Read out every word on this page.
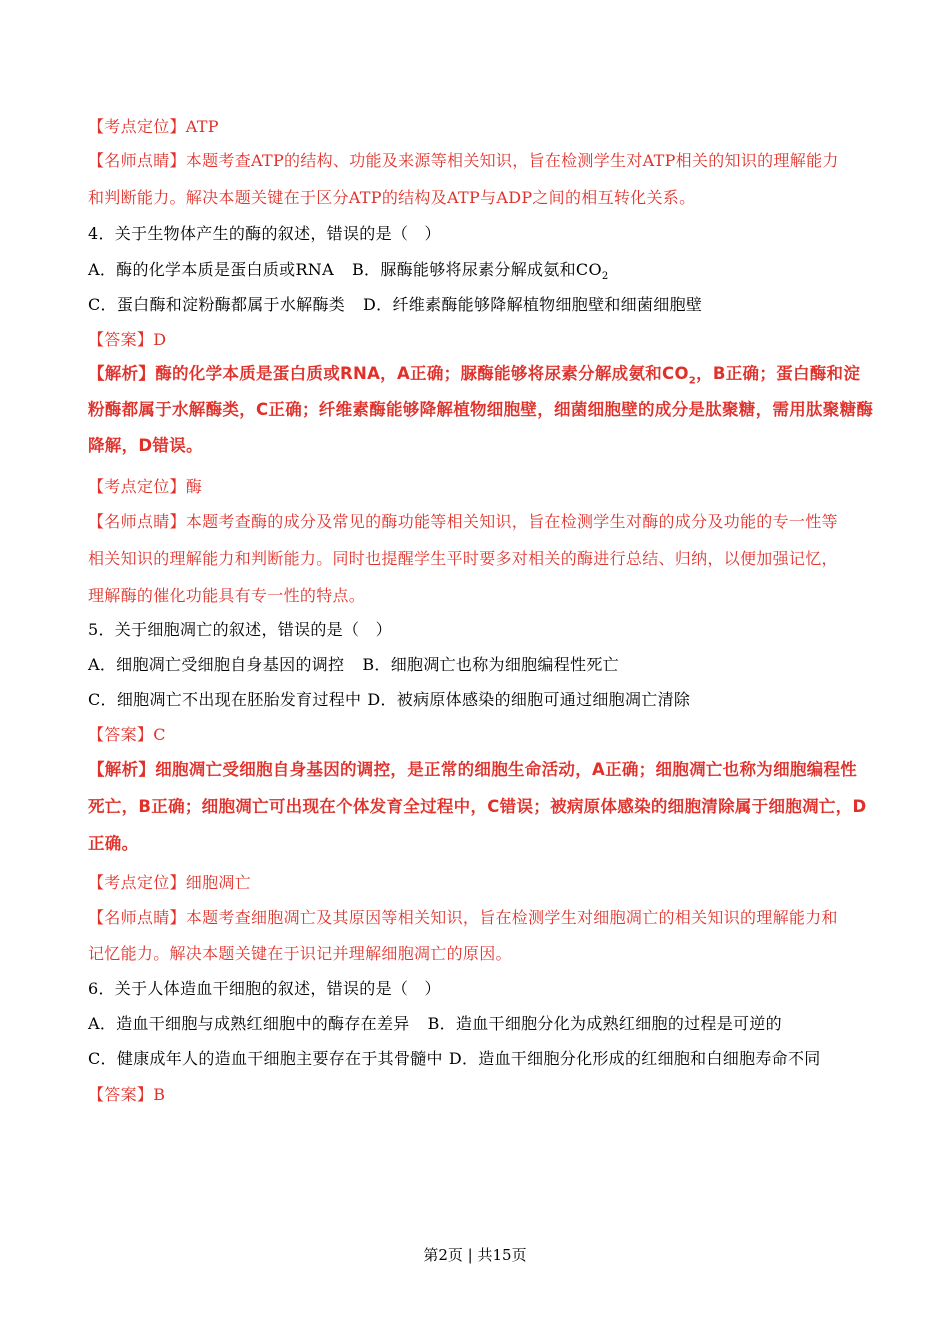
【考点定位】ATP
【名师点睛】本题考查ATP的结构、功能及来源等相关知识，旨在检测学生对ATP相关的知识的理解能力
和判断能力。解决本题关键在于区分ATP的结构及ATP与ADP之间的相互转化关系。
4．关于生物体产生的酶的叙述，错误的是（　）
A．酶的化学本质是蛋白质或RNA B．脲酶能够将尿素分解成氨和$CO_2$
C．蛋白酶和淀粉酶都属于水解酶类 D．纤维素酶能够降解植物细胞壁和细菌细胞壁
【答案】D
【解析】酶的化学本质是蛋白质或RNA，A正确；脲酶能够将尿素分解成氨和$CO_2$，B正确；蛋白酶和淀
粉酶都属于水解酶类，C正确；纤维素酶能够降解植物细胞壁，细菌细胞壁的成分是肽聚糖，需用肽聚糖酶
降解，D错误。
【考点定位】酶
【名师点睛】本题考查酶的成分及常见的酶功能等相关知识，旨在检测学生对酶的成分及功能的专一性等
相关知识的理解能力和判断能力。同时也提醒学生平时要多对相关的酶进行总结、归纳，以便加强记忆，
理解酶的催化功能具有专一性的特点。
5．关于细胞凋亡的叙述，错误的是（　）
A．细胞凋亡受细胞自身基因的调控 B．细胞凋亡也称为细胞编程性死亡
C．细胞凋亡不出现在胚胎发育过程中 D．被病原体感染的细胞可通过细胞凋亡清除
【答案】C
【解析】细胞凋亡受细胞自身基因的调控，是正常的细胞生命活动，A正确；细胞凋亡也称为细胞编程性
死亡，B正确；细胞凋亡可出现在个体发育全过程中，C错误；被病原体感染的细胞清除属于细胞凋亡，D
正确。
【考点定位】细胞凋亡
【名师点睛】本题考查细胞凋亡及其原因等相关知识，旨在检测学生对细胞凋亡的相关知识的理解能力和
记忆能力。解决本题关键在于识记并理解细胞凋亡的原因。
6．关于人体造血干细胞的叙述，错误的是（　）
A．造血干细胞与成熟红细胞中的酶存在差异 B．造血干细胞分化为成熟红细胞的过程是可逆的
C．健康成年人的造血干细胞主要存在于其骨髓中 D．造血干细胞分化形成的红细胞和白细胞寿命不同
【答案】B
第2页 | 共15页
